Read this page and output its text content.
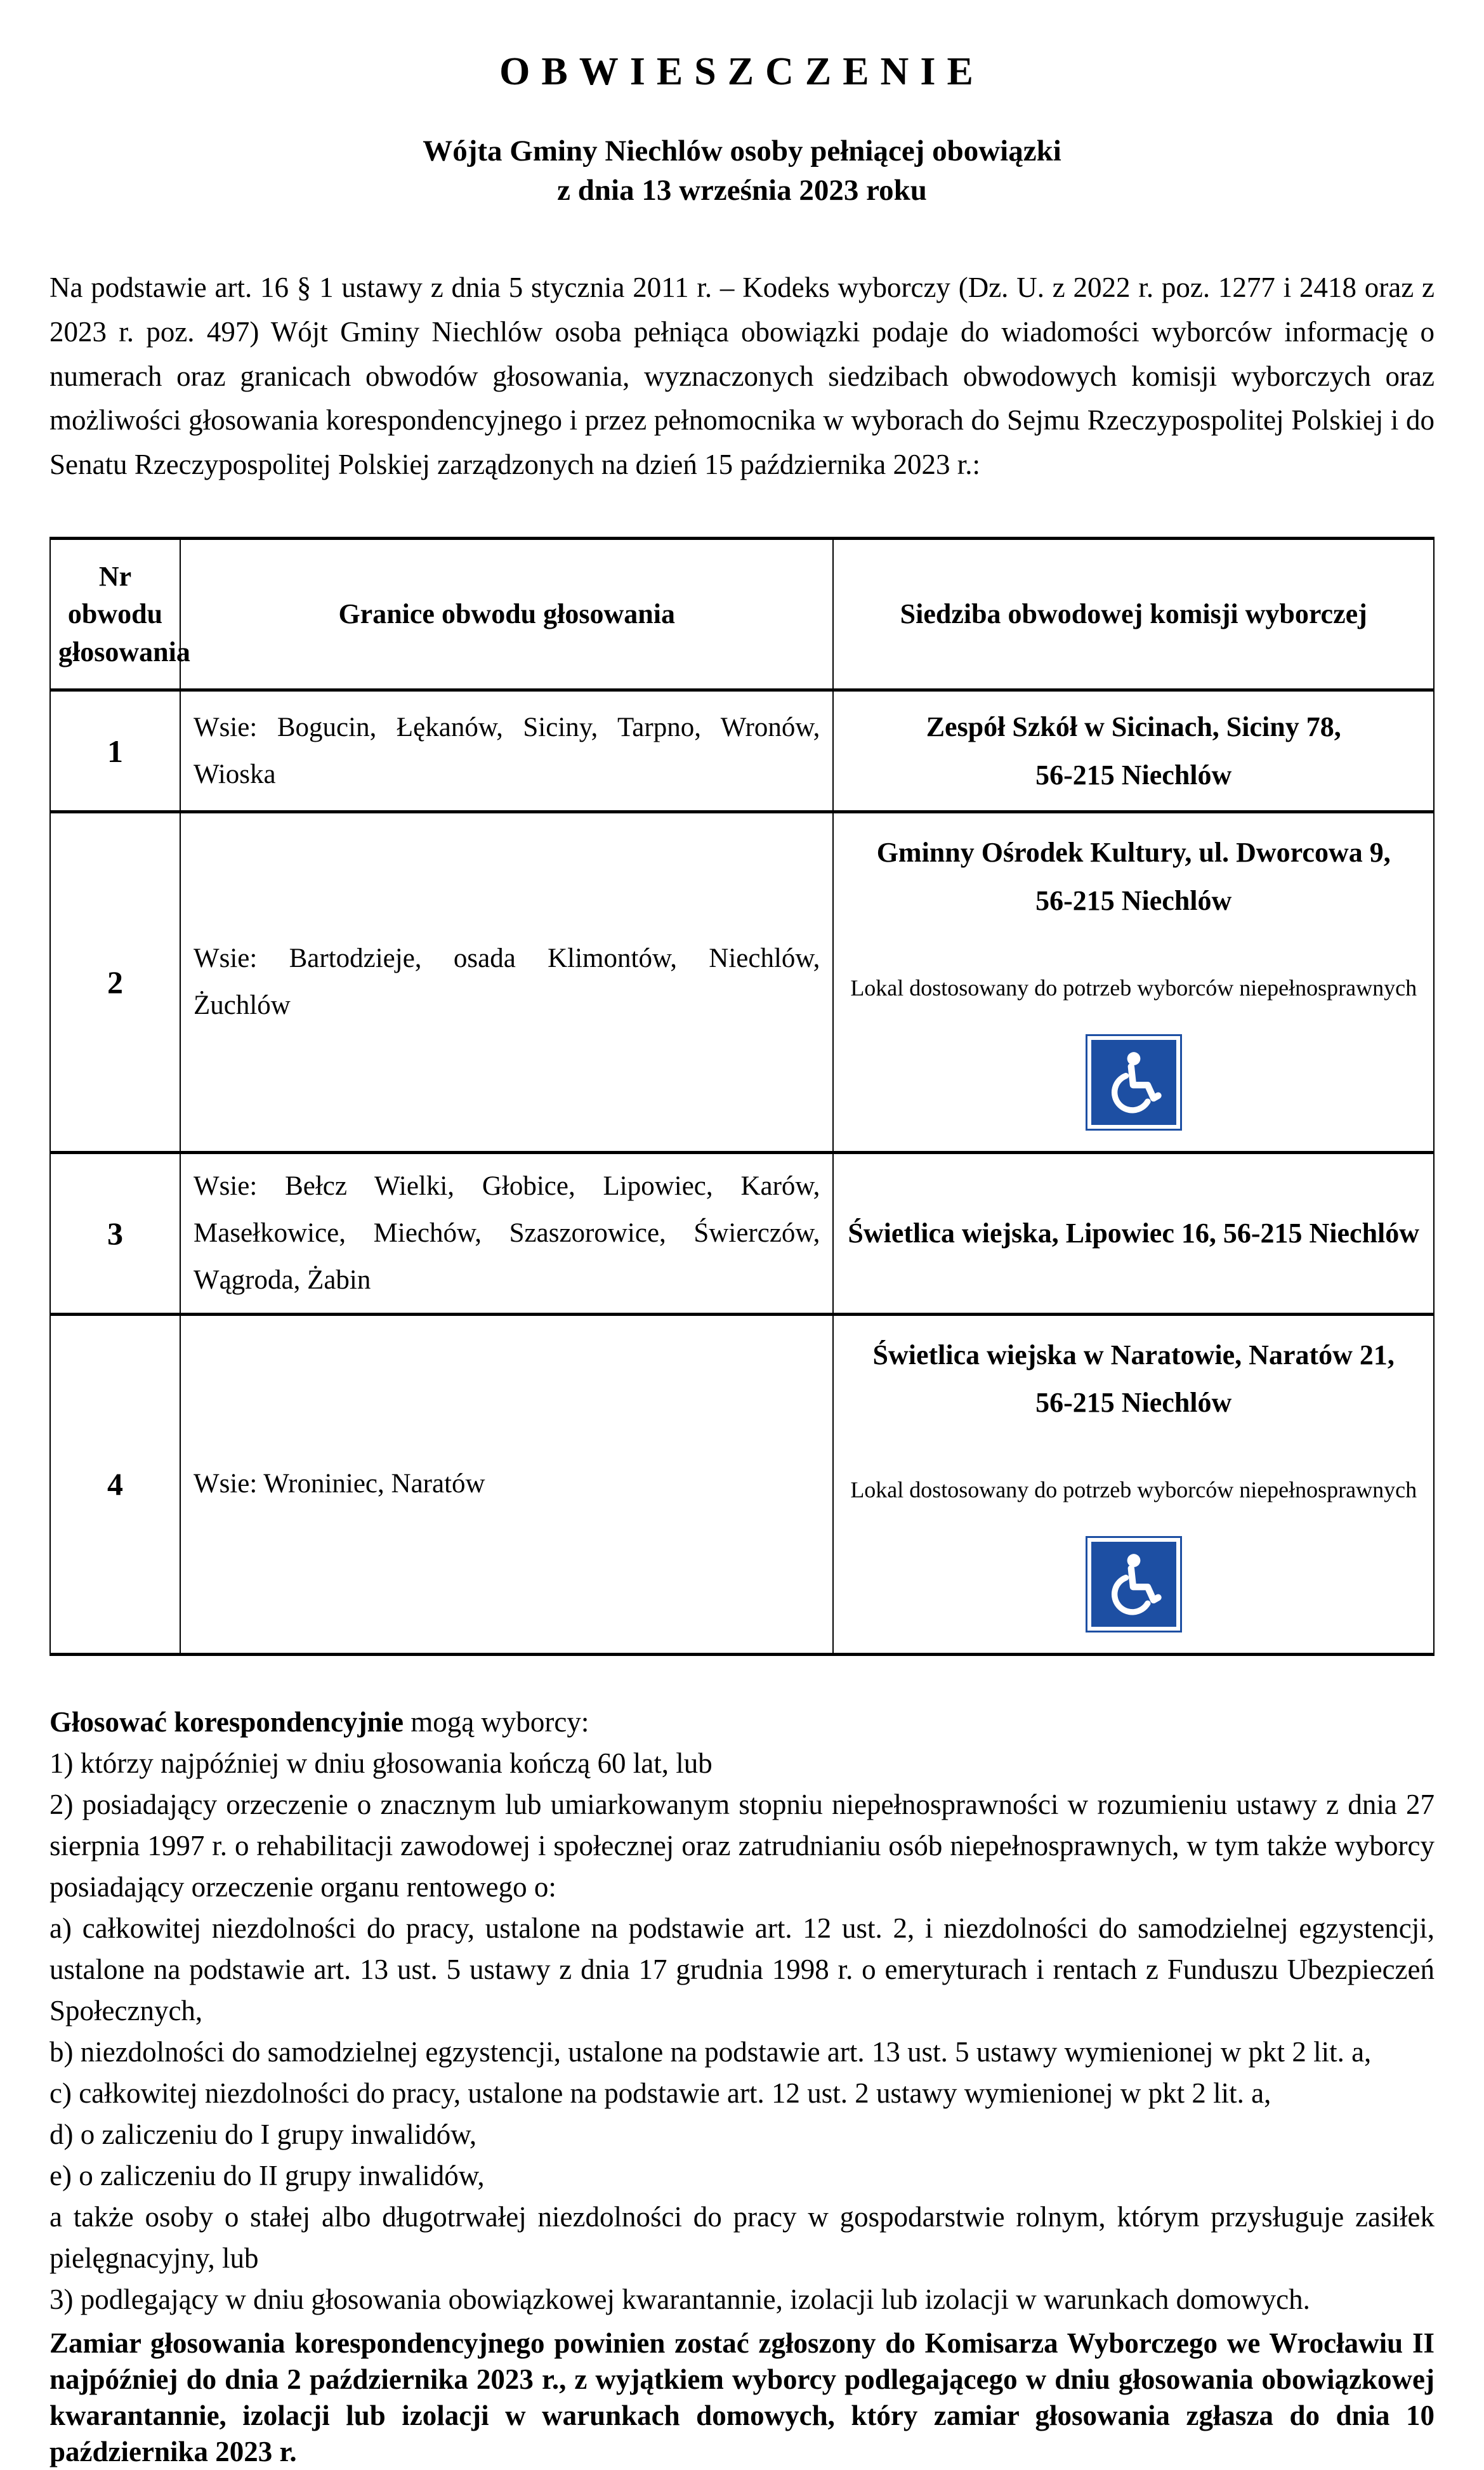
OBWIESZCZENIE
Wójta Gminy Niechlów osoby pełniącej obowiązki
z dnia 13 września 2023 roku

Na podstawie art. 16 § 1 ustawy z dnia 5 stycznia 2011 r. – Kodeks wyborczy (Dz. U. z 2022 r. poz. 1277 i 2418 oraz z 2023 r. poz. 497) Wójt Gminy Niechlów osoba pełniąca obowiązki podaje do wiadomości wyborców informację o numerach oraz granicach obwodów głosowania, wyznaczonych siedzibach obwodowych komisji wyborczych oraz możliwości głosowania korespondencyjnego i przez pełnomocnika w wyborach do Sejmu Rzeczypospolitej Polskiej i do Senatu Rzeczypospolitej Polskiej zarządzonych na dzień 15 października 2023 r.:

Nr obwodu głosowania	Granice obwodu głosowania	Siedziba obwodowej komisji wyborczej
1	Wsie: Bogucin, Łękanów, Siciny, Tarpno, Wronów, Wioska	Zespół Szkół w Sicinach, Siciny 78,
56-215 Niechlów

2	Wsie: Bartodzieje, osada Klimontów, Niechlów, Żuchlów	Gminny Ośrodek Kultury, ul. Dworcowa 9,
56-215 Niechlów
Lokal dostosowany do potrzeb wyborców niepełnosprawnych

3	Wsie: Bełcz Wielki, Głobice, Lipowiec, Karów, Masełkowice, Miechów, Szaszorowice, Świerczów, Wągroda, Żabin	Świetlica wiejska, Lipowiec 16, 56-215 Niechlów

4	Wsie: Wroniniec, Naratów	Świetlica wiejska w Naratowie, Naratów 21,
56-215 Niechlów
Lokal dostosowany do potrzeb wyborców niepełnosprawnych
Głosować korespondencyjnie mogą wyborcy:
1) którzy najpóźniej w dniu głosowania kończą 60 lat, lub
2) posiadający orzeczenie o znacznym lub umiarkowanym stopniu niepełnosprawności w rozumieniu ustawy z dnia 27 sierpnia 1997 r. o rehabilitacji zawodowej i społecznej oraz zatrudnianiu osób niepełnosprawnych, w tym także wyborcy posiadający orzeczenie organu rentowego o:
a) całkowitej niezdolności do pracy, ustalone na podstawie art. 12 ust. 2, i niezdolności do samodzielnej egzystencji, ustalone na podstawie art. 13 ust. 5 ustawy z dnia 17 grudnia 1998 r. o emeryturach i rentach z Funduszu Ubezpieczeń Społecznych,
b) niezdolności do samodzielnej egzystencji, ustalone na podstawie art. 13 ust. 5 ustawy wymienionej w pkt 2 lit. a,
c) całkowitej niezdolności do pracy, ustalone na podstawie art. 12 ust. 2 ustawy wymienionej w pkt 2 lit. a,
d) o zaliczeniu do I grupy inwalidów,
e) o zaliczeniu do II grupy inwalidów,
a także osoby o stałej albo długotrwałej niezdolności do pracy w gospodarstwie rolnym, którym przysługuje zasiłek pielęgnacyjny, lub
3) podlegający w dniu głosowania obowiązkowej kwarantannie, izolacji lub izolacji w warunkach domowych.

Zamiar głosowania korespondencyjnego powinien zostać zgłoszony do Komisarza Wyborczego we Wrocławiu II najpóźniej do dnia 2 października 2023 r., z wyjątkiem wyborcy podlegającego w dniu głosowania obowiązkowej kwarantannie, izolacji lub izolacji w warunkach domowych, który zamiar głosowania zgłasza do dnia 10 października 2023 r.
